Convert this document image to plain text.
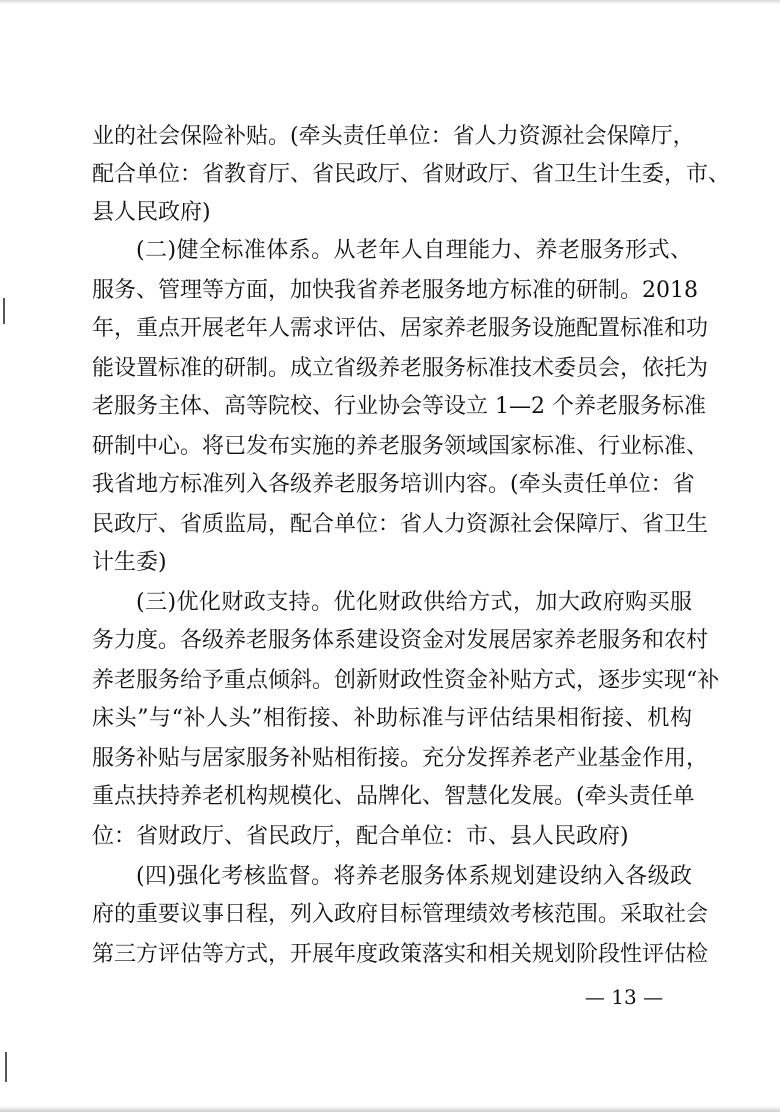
业的社会保险补贴。(牵头责任单位：省人力资源社会保障厅，
配合单位：省教育厅、省民政厅、省财政厅、省卫生计生委，市、
县人民政府)
(二)健全标准体系。从老年人自理能力、养老服务形式、
服务、管理等方面，加快我省养老服务地方标准的研制。2018
年，重点开展老年人需求评估、居家养老服务设施配置标准和功
能设置标准的研制。成立省级养老服务标准技术委员会，依托为
老服务主体、高等院校、行业协会等设立 1—2 个养老服务标准
研制中心。将已发布实施的养老服务领域国家标准、行业标准、
我省地方标准列入各级养老服务培训内容。(牵头责任单位：省
民政厅、省质监局，配合单位：省人力资源社会保障厅、省卫生
计生委)
(三)优化财政支持。优化财政供给方式，加大政府购买服
务力度。各级养老服务体系建设资金对发展居家养老服务和农村
养老服务给予重点倾斜。创新财政性资金补贴方式，逐步实现“补
床头”与“补人头”相衔接、补助标准与评估结果相衔接、机构
服务补贴与居家服务补贴相衔接。充分发挥养老产业基金作用，
重点扶持养老机构规模化、品牌化、智慧化发展。(牵头责任单
位：省财政厅、省民政厅，配合单位：市、县人民政府)
(四)强化考核监督。将养老服务体系规划建设纳入各级政
府的重要议事日程，列入政府目标管理绩效考核范围。采取社会
第三方评估等方式，开展年度政策落实和相关规划阶段性评估检
— 13 —
